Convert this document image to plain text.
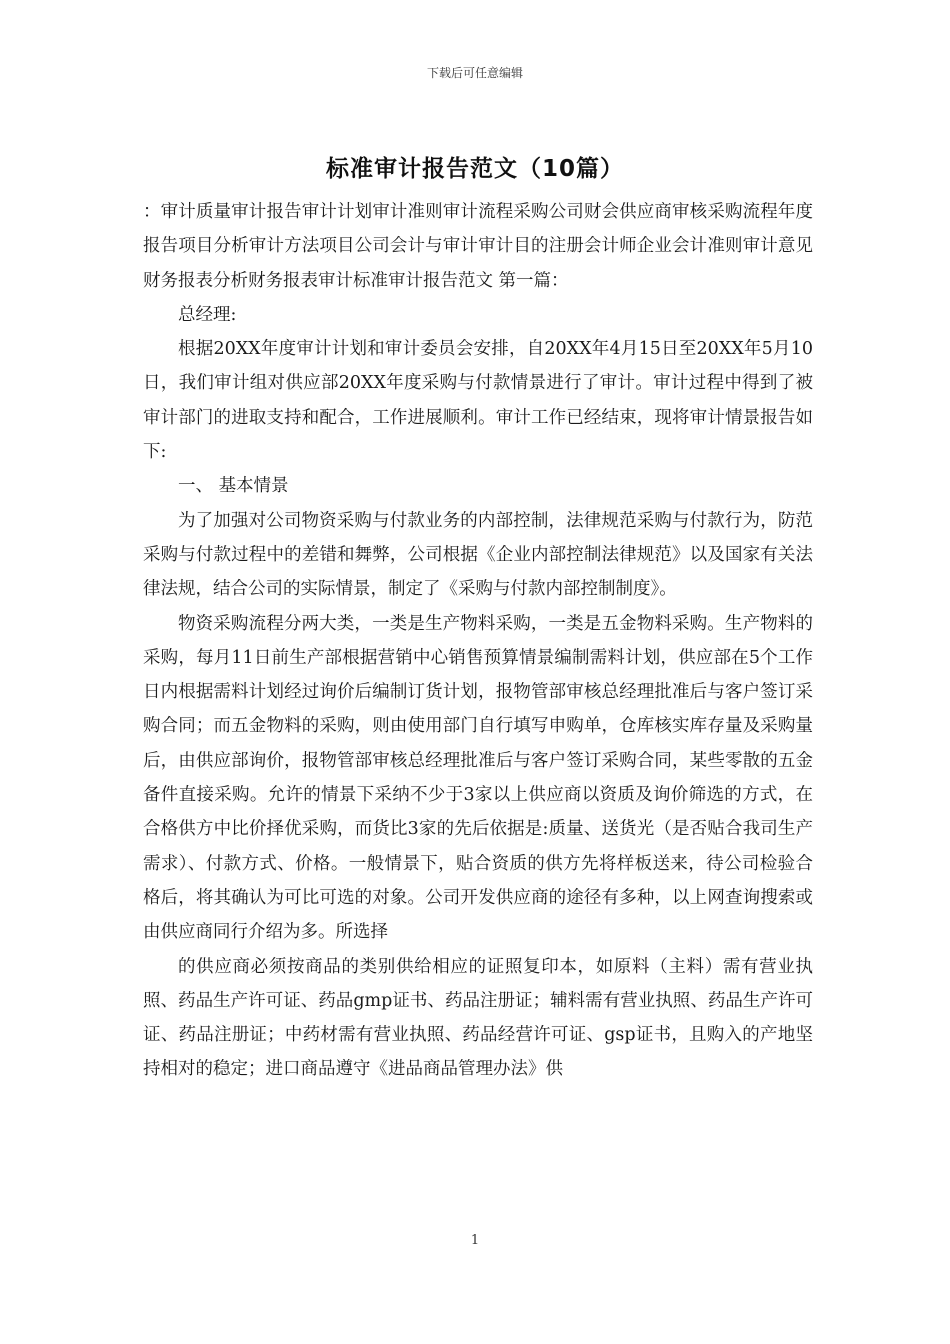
下载后可任意编辑
标准审计报告范文（10篇）

：审计质量审计报告审计计划审计准则审计流程采购公司财会供应商审核采购流程年度报告项目分析审计方法项目公司会计与审计审计目的注册会计师企业会计准则审计意见财务报表分析财务报表审计标准审计报告范文 第一篇：

总经理:

根据20XX年度审计计划和审计委员会安排，自20XX年4月15日至20XX年5月10日，我们审计组对供应部20XX年度采购与付款情景进行了审计。审计过程中得到了被审计部门的进取支持和配合，工作进展顺利。审计工作已经结束，现将审计情景报告如下:

一、 基本情景

为了加强对公司物资采购与付款业务的内部控制，法律规范采购与付款行为，防范采购与付款过程中的差错和舞弊，公司根据《企业内部控制法律规范》以及国家有关法律法规，结合公司的实际情景，制定了《采购与付款内部控制制度》。

物资采购流程分两大类，一类是生产物料采购，一类是五金物料采购。生产物料的采购，每月11日前生产部根据营销中心销售预算情景编制需料计划，供应部在5个工作日内根据需料计划经过询价后编制订货计划，报物管部审核总经理批准后与客户签订采购合同；而五金物料的采购，则由使用部门自行填写申购单，仓库核实库存量及采购量后，由供应部询价，报物管部审核总经理批准后与客户签订采购合同，某些零散的五金备件直接采购。允许的情景下采纳不少于3家以上供应商以资质及询价筛选的方式，在合格供方中比价择优采购，而货比3家的先后依据是:质量、送货光（是否贴合我司生产需求）、付款方式、价格。一般情景下，贴合资质的供方先将样板送来，待公司检验合格后，将其确认为可比可选的对象。公司开发供应商的途径有多种，以上网查询搜索或由供应商同行介绍为多。所选择

的供应商必须按商品的类别供给相应的证照复印本，如原料（主料）需有营业执照、药品生产许可证、药品gmp证书、药品注册证；辅料需有营业执照、药品生产许可证、药品注册证；中药材需有营业执照、药品经营许可证、gsp证书，且购入的产地坚持相对的稳定；进口商品遵守《进品商品管理办法》供

1
